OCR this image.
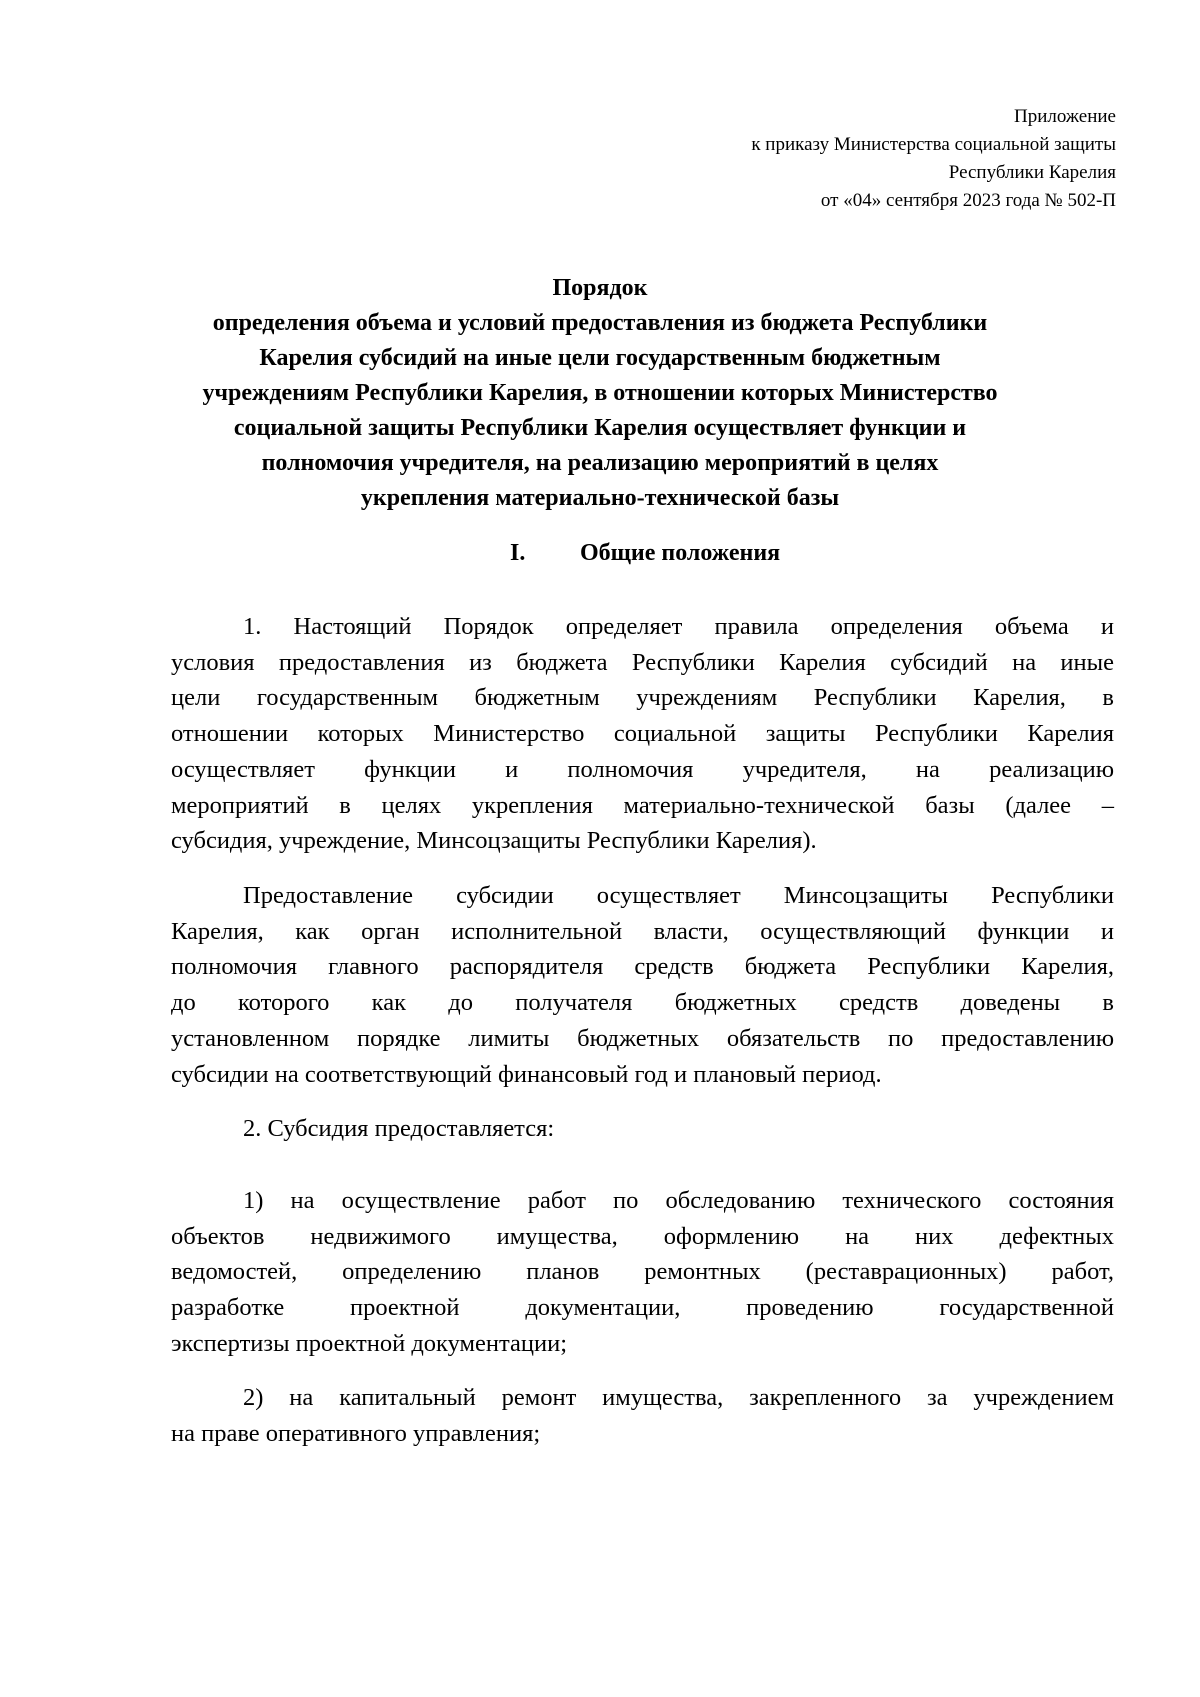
Приложение
к приказу Министерства социальной защиты
Республики Карелия
от «04» сентября 2023 года № 502-П
Порядок
определения объема и условий предоставления из бюджета Республики
Карелия субсидий на иные цели государственным бюджетным
учреждениям Республики Карелия, в отношении которых Министерство
социальной защиты Республики Карелия осуществляет функции и
полномочия учредителя, на реализацию мероприятий в целях
укрепления материально-технической базы
I. Общие положения
1. Настоящий Порядок определяет правила определения объема и
условия предоставления из бюджета Республики Карелия субсидий на иные
цели государственным бюджетным учреждениям Республики Карелия, в
отношении которых Министерство социальной защиты Республики Карелия
осуществляет функции и полномочия учредителя, на реализацию
мероприятий в целях укрепления материально-технической базы (далее –
субсидия, учреждение, Минсоцзащиты Республики Карелия).
Предоставление субсидии осуществляет Минсоцзащиты Республики
Карелия, как орган исполнительной власти, осуществляющий функции и
полномочия главного распорядителя средств бюджета Республики Карелия,
до которого как до получателя бюджетных средств доведены в
установленном порядке лимиты бюджетных обязательств по предоставлению
субсидии на соответствующий финансовый год и плановый период.
2. Субсидия предоставляется:
1) на осуществление работ по обследованию технического состояния
объектов недвижимого имущества, оформлению на них дефектных
ведомостей, определению планов ремонтных (реставрационных) работ,
разработке проектной документации, проведению государственной
экспертизы проектной документации;
2) на капитальный ремонт имущества, закрепленного за учреждением
на праве оперативного управления;
